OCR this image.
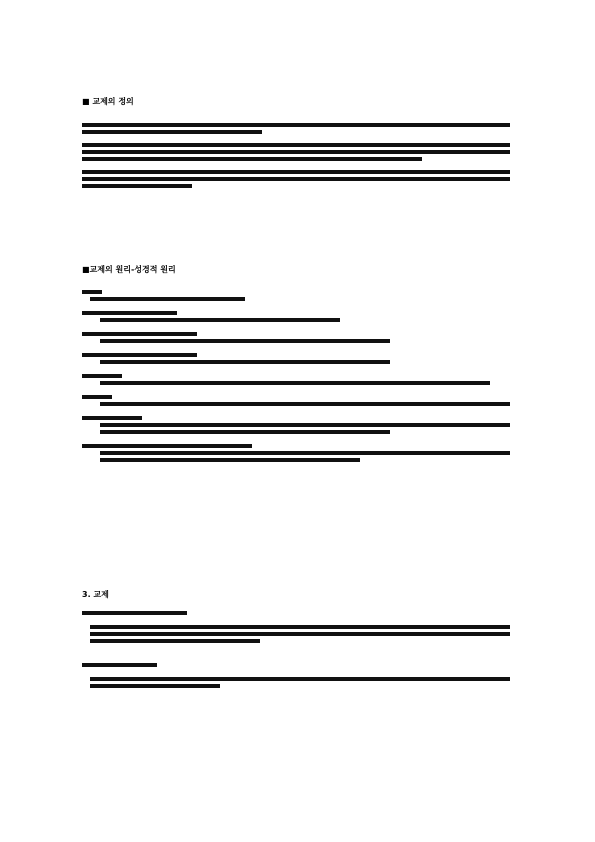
■ 교제의 정의
■교제의 원리-성경적 원리
3. 교제
